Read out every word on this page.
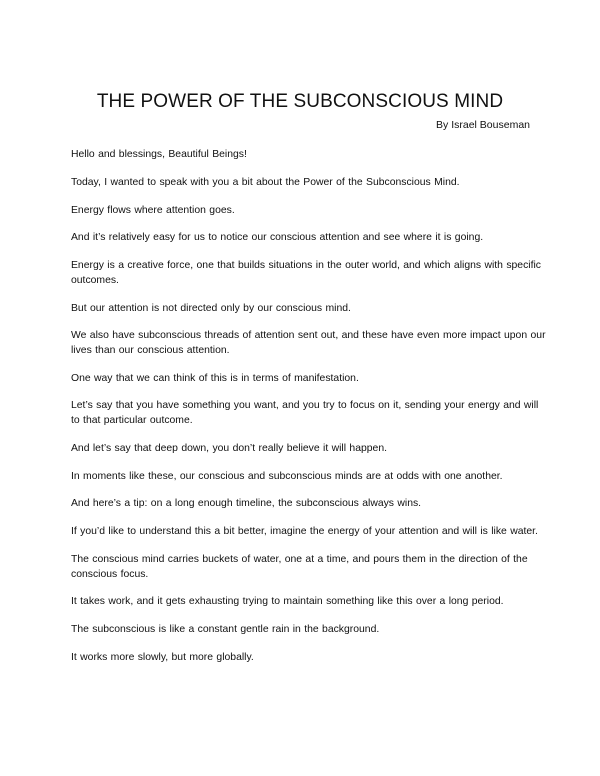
THE POWER OF THE SUBCONSCIOUS MIND

By Israel Bouseman

Hello and blessings, Beautiful Beings!

Today, I wanted to speak with you a bit about the Power of the Subconscious Mind.

Energy flows where attention goes.

And it’s relatively easy for us to notice our conscious attention and see where it is going.

Energy is a creative force, one that builds situations in the outer world, and which aligns with specific outcomes.

But our attention is not directed only by our conscious mind.

We also have subconscious threads of attention sent out, and these have even more impact upon our lives than our conscious attention.

One way that we can think of this is in terms of manifestation.

Let’s say that you have something you want, and you try to focus on it, sending your energy and will to that particular outcome.

And let’s say that deep down, you don’t really believe it will happen.

In moments like these, our conscious and subconscious minds are at odds with one another.

And here’s a tip: on a long enough timeline, the subconscious always wins.

If you’d like to understand this a bit better, imagine the energy of your attention and will is like water.

The conscious mind carries buckets of water, one at a time, and pours them in the direction of the conscious focus.

It takes work, and it gets exhausting trying to maintain something like this over a long period.

The subconscious is like a constant gentle rain in the background.

It works more slowly, but more globally.
